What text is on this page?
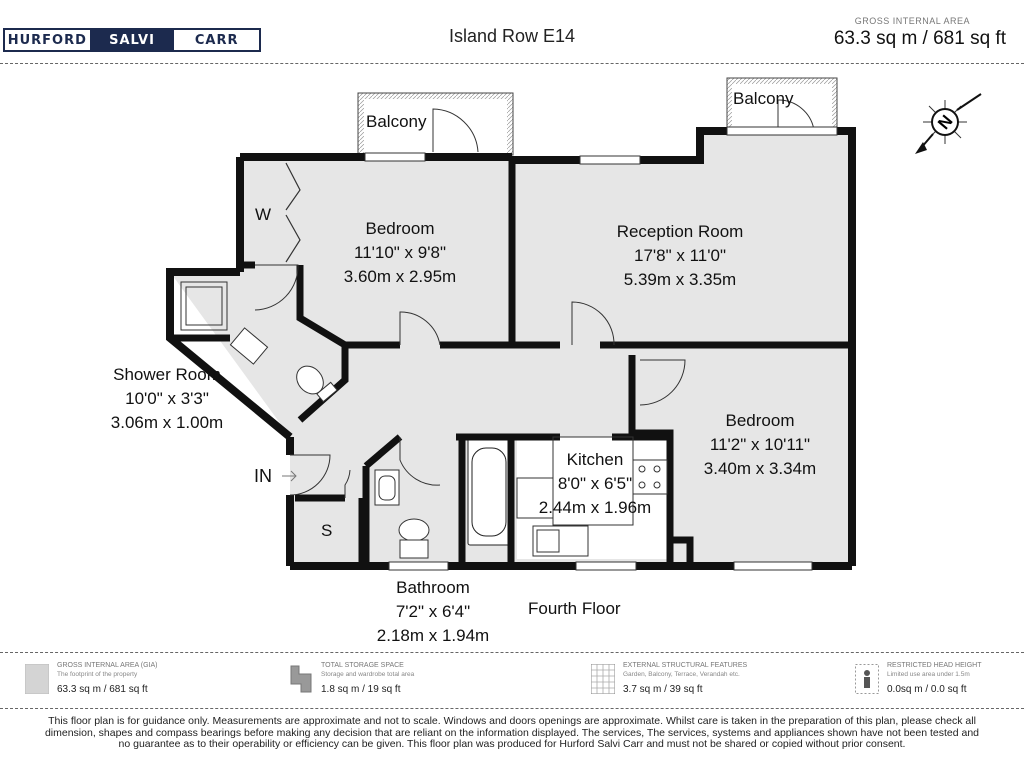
HURFORD	SALVI	CARR	Island Row E14
GROSS INTERNAL AREA
63.3 sq m / 681 sq ft
N
Balcony
Balcony
W
S
IN
Bedroom
11'10" x 9'8"
3.60m x 2.95m
Reception Room
17'8" x 11'0"
5.39m x 3.35m
Bedroom
11'2" x 10'11"
3.40m x 3.34m
Kitchen
8'0" x 6'5"
2.44m x 1.96m
Shower Room
10'0" x 3'3"
3.06m x 1.00m
Bathroom
7'2" x 6'4"
2.18m x 1.94m
Fourth Floor
GROSS INTERNAL AREA (GIA)
The footprint of the property
63.3 sq m / 681 sq ft
TOTAL STORAGE SPACE
Storage and wardrobe total area
1.8 sq m / 19 sq ft
EXTERNAL STRUCTURAL FEATURES
Garden, Balcony, Terrace, Verandah etc.
3.7 sq m / 39 sq ft
RESTRICTED HEAD HEIGHT
Limited use area under 1.5m
0.0sq m / 0.0 sq ft
This floor plan is for guidance only. Measurements are approximate and not to scale. Windows and doors openings are approximate. Whilst care is taken in the preparation of this plan, please check all dimension, shapes and compass bearings before making any decision that are reliant on the information displayed. The services, The services, systems and appliances shown have not been tested and no guarantee as to their operability or efficiency can be given. This floor plan was produced for Hurford Salvi Carr and must not be shared or copied without prior consent.
